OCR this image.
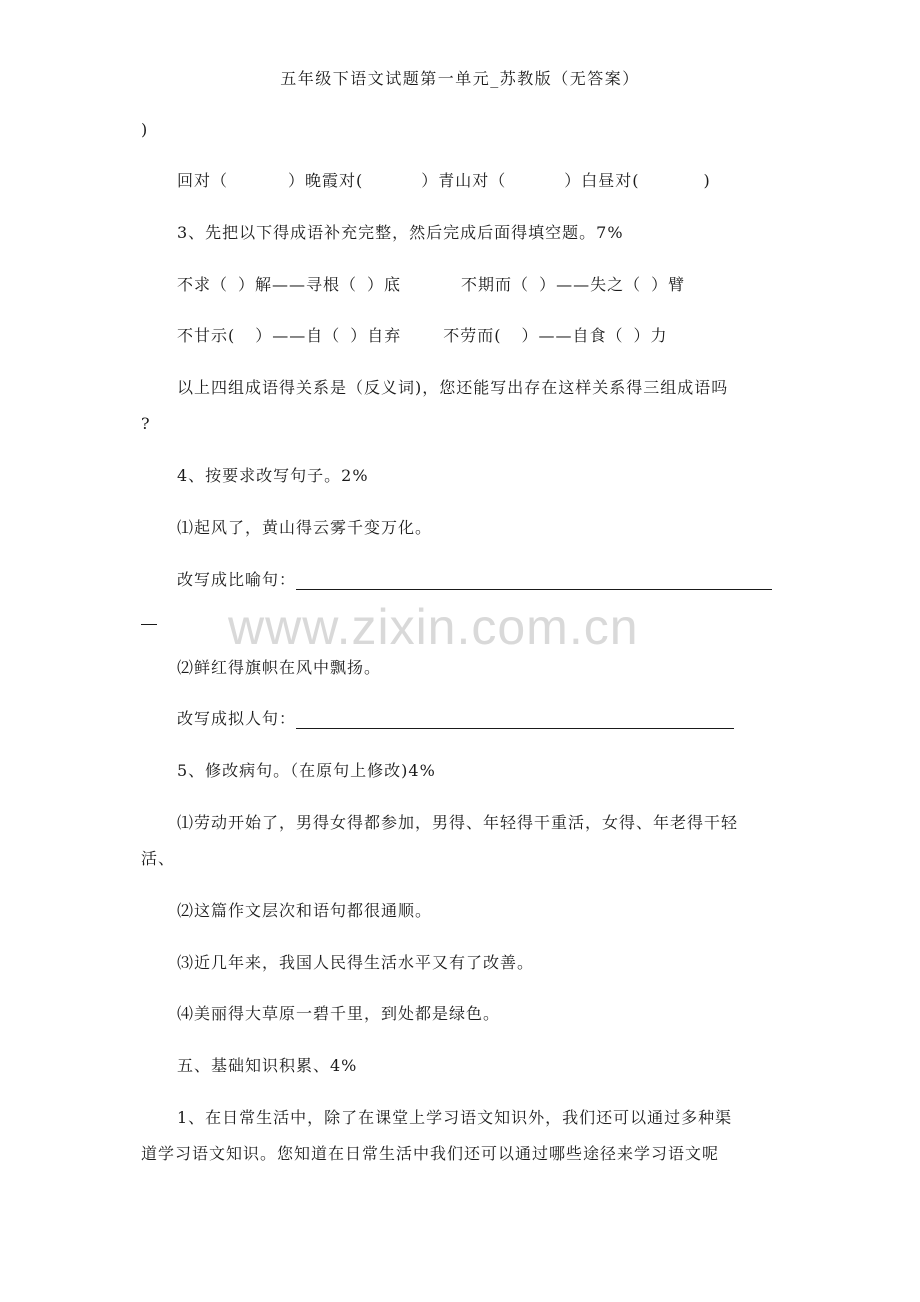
五年级下语文试题第一单元_苏教版（无答案）
www.zixin.com.cn
)
回对（	）晚霞对(	）青山对（	）白昼对(	)
3、先把以下得成语补充完整，然后完成后面得填空题。7%
不求（ ）解——寻根（ ）底	不期而（ ）——失之（ ）臂
不甘示( ）——自（ ）自弃	不劳而( ）——自食（ ）力
以上四组成语得关系是（反义词)，您还能写出存在这样关系得三组成语吗
?
4、按要求改写句子。2%
⑴起风了，黄山得云雾千变万化。
改写成比喻句：
⑵鲜红得旗帜在风中飘扬。
改写成拟人句：
5、修改病句。（在原句上修改)4%
⑴劳动开始了，男得女得都参加，男得、年轻得干重活，女得、年老得干轻
活、
⑵这篇作文层次和语句都很通顺。
⑶近几年来，我国人民得生活水平又有了改善。
⑷美丽得大草原一碧千里，到处都是绿色。
五、基础知识积累、4%
1、在日常生活中，除了在课堂上学习语文知识外，我们还可以通过多种渠
道学习语文知识。您知道在日常生活中我们还可以通过哪些途径来学习语文呢
